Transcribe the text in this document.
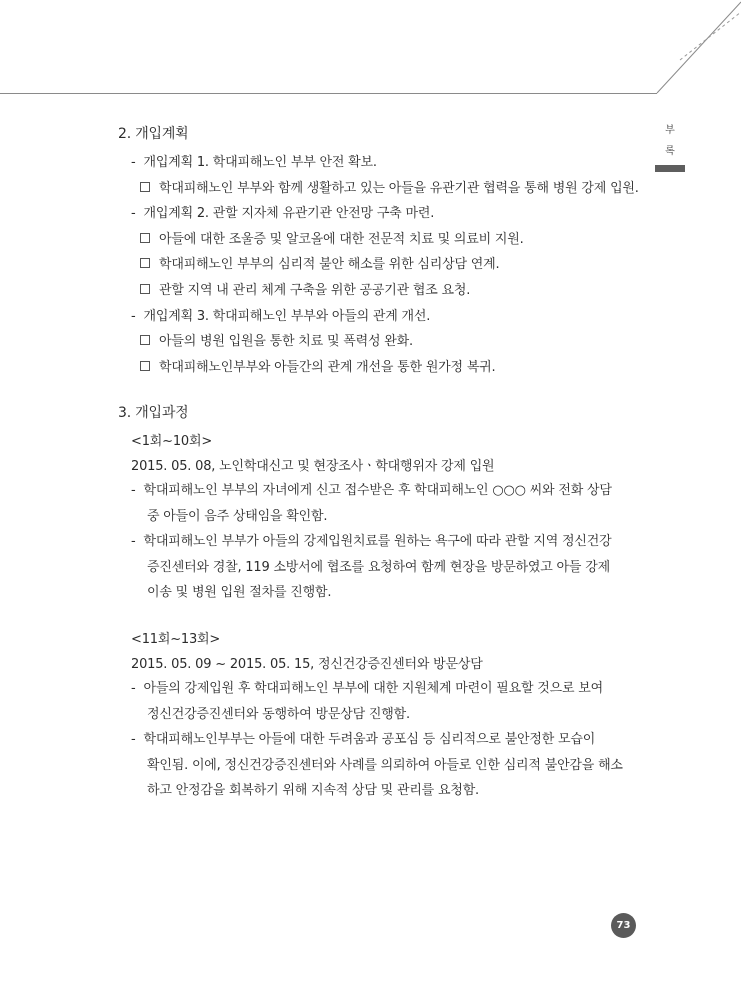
부
록
2. 개입계획
- 개입계획 1. 학대피해노인 부부 안전 확보.
학대피해노인 부부와 함께 생활하고 있는 아들을 유관기관 협력을 통해 병원 강제 입원.
- 개입계획 2. 관할 지자체 유관기관 안전망 구축 마련.
아들에 대한 조울증 및 알코올에 대한 전문적 치료 및 의료비 지원.
학대피해노인 부부의 심리적 불안 해소를 위한 심리상담 연계.
관할 지역 내 관리 체계 구축을 위한 공공기관 협조 요청.
- 개입계획 3. 학대피해노인 부부와 아들의 관계 개선.
아들의 병원 입원을 통한 치료 및 폭력성 완화.
학대피해노인부부와 아들간의 관계 개선을 통한 원가정 복귀.
3. 개입과정
<1회~10회>
2015. 05. 08, 노인학대신고 및 현장조사ㆍ학대행위자 강제 입원
- 학대피해노인 부부의 자녀에게 신고 접수받은 후 학대피해노인 ○○○ 씨와 전화 상담
중 아들이 음주 상태임을 확인함.
- 학대피해노인 부부가 아들의 강제입원치료를 원하는 욕구에 따라 관할 지역 정신건강
증진센터와 경찰, 119 소방서에 협조를 요청하여 함께 현장을 방문하였고 아들 강제
이송 및 병원 입원 절차를 진행함.
<11회~13회>
2015. 05. 09 ~ 2015. 05. 15, 정신건강증진센터와 방문상담
- 아들의 강제입원 후 학대피해노인 부부에 대한 지원체계 마련이 필요할 것으로 보여
정신건강증진센터와 동행하여 방문상담 진행함.
- 학대피해노인부부는 아들에 대한 두려움과 공포심 등 심리적으로 불안정한 모습이
확인됨. 이에, 정신건강증진센터와 사례를 의뢰하여 아들로 인한 심리적 불안감을 해소
하고 안정감을 회복하기 위해 지속적 상담 및 관리를 요청함.
73
